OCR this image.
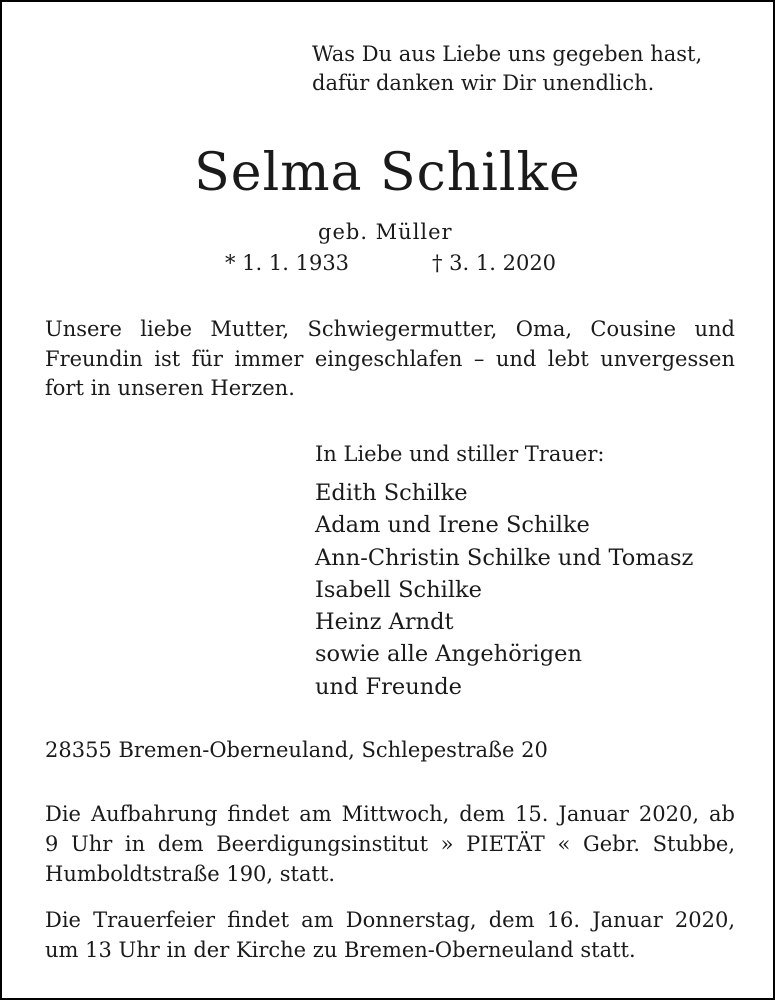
Was Du aus Liebe uns gegeben hast,
dafür danken wir Dir unendlich.
Selma Schilke
geb. Müller
* 1. 1. 1933	† 3. 1. 2020
Unsere liebe Mutter, Schwiegermutter, Oma, Cousine und
Freundin ist für immer eingeschlafen – und lebt unvergessen
fort in unseren Herzen.
In Liebe und stiller Trauer:
Edith Schilke
Adam und Irene Schilke
Ann-Christin Schilke und Tomasz
Isabell Schilke
Heinz Arndt
sowie alle Angehörigen
und Freunde
28355 Bremen-Oberneuland, Schlepestraße 20
Die Aufbahrung findet am Mittwoch, dem 15. Januar 2020, ab
9 Uhr in dem Beerdigungsinstitut » PIETÄT « Gebr. Stubbe,
Humboldtstraße 190, statt.
Die Trauerfeier findet am Donnerstag, dem 16. Januar 2020,
um 13 Uhr in der Kirche zu Bremen-Oberneuland statt.
